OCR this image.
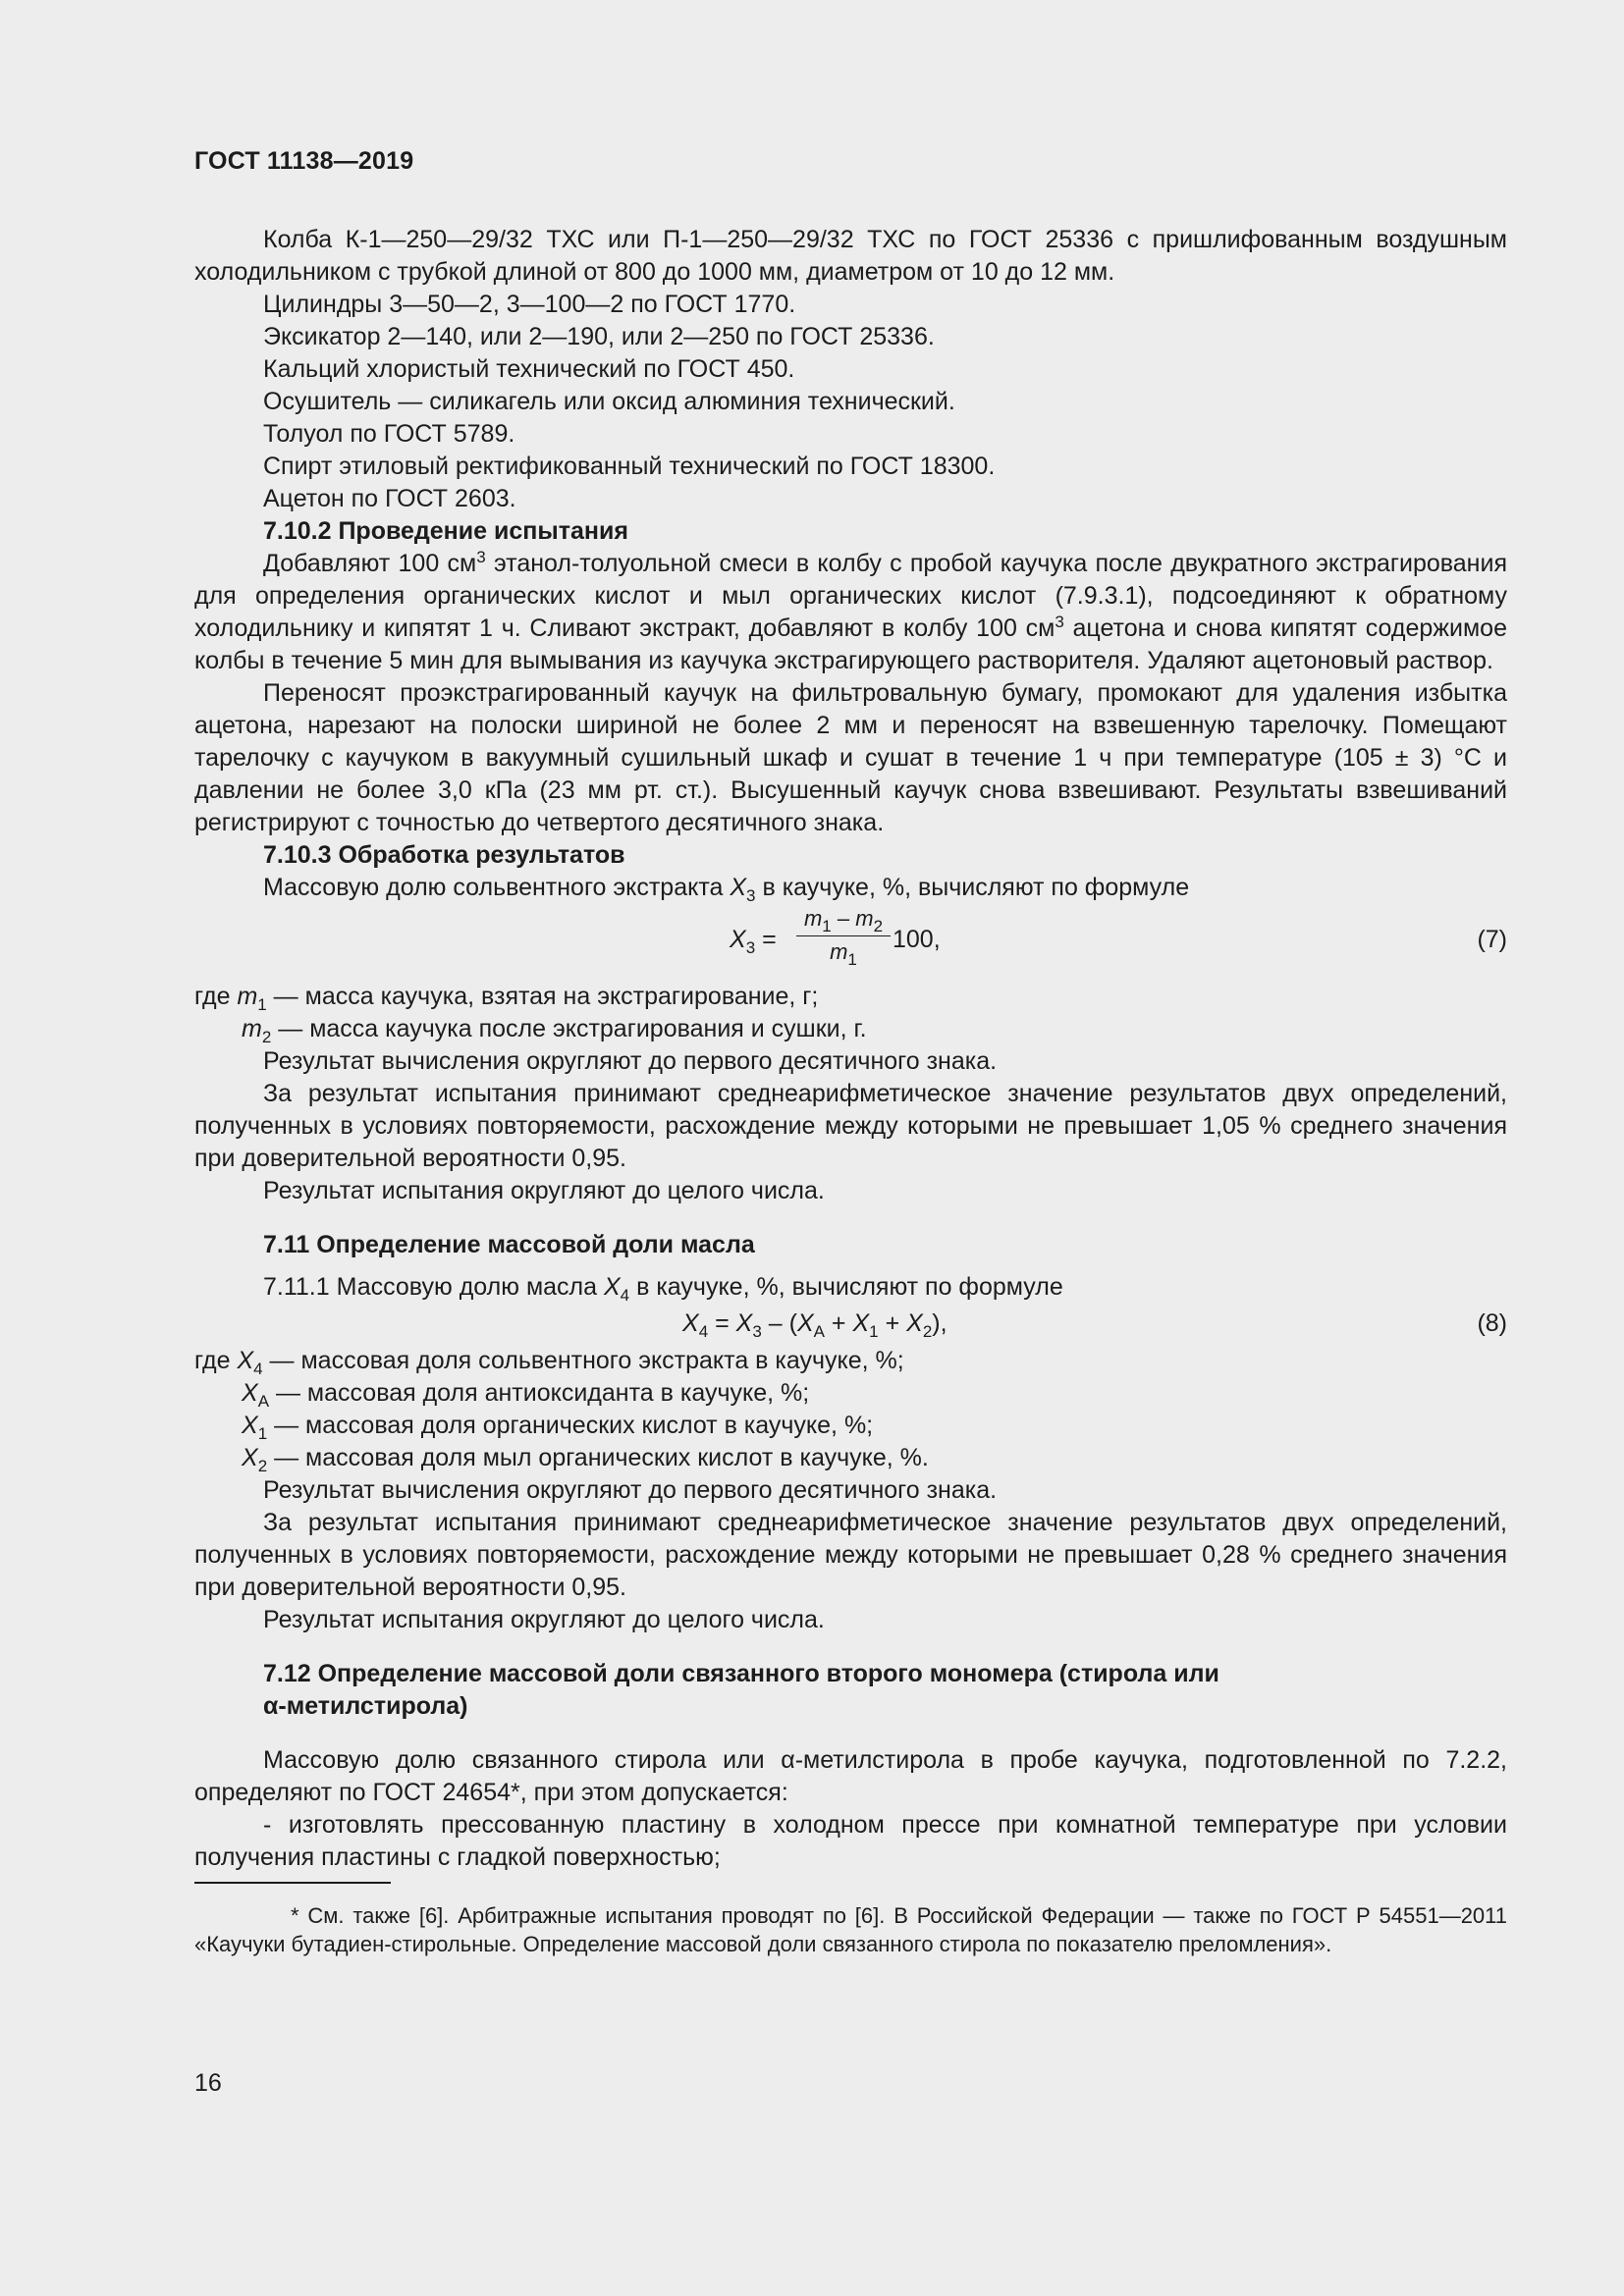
ГОСТ 11138—2019

Колба К-1—250—29/32 ТХС или П-1—250—29/32 ТХС по ГОСТ 25336 с пришлифованным воздушным холодильником с трубкой длиной от 800 до 1000 мм, диаметром от 10 до 12 мм.

Цилиндры 3—50—2, 3—100—2 по ГОСТ 1770.

Эксикатор 2—140, или 2—190, или 2—250 по ГОСТ 25336.

Кальций хлористый технический по ГОСТ 450.

Осушитель — силикагель или оксид алюминия технический.

Толуол по ГОСТ 5789.

Спирт этиловый ректификованный технический по ГОСТ 18300.

Ацетон по ГОСТ 2603.

7.10.2 Проведение испытания

Добавляют 100 $см^3$ этанол-толуольной смеси в колбу с пробой каучука после двукратного экстрагирования для определения органических кислот и мыл органических кислот (7.9.3.1), подсоединяют к обратному холодильнику и кипятят 1 ч. Сливают экстракт, добавляют в колбу 100 $см^3$ ацетона и снова кипятят содержимое колбы в течение 5 мин для вымывания из каучука экстрагирующего растворителя. Удаляют ацетоновый раствор.

Переносят проэкстрагированный каучук на фильтровальную бумагу, промокают для удаления избытка ацетона, нарезают на полоски шириной не более 2 мм и переносят на взвешенную тарелочку. Помещают тарелочку с каучуком в вакуумный сушильный шкаф и сушат в течение 1 ч при температуре (105 ± 3) °С и давлении не более 3,0 кПа (23 мм рт. ст.). Высушенный каучук снова взвешивают. Результаты взвешиваний регистрируют с точностью до четвертого десятичного знака.

7.10.3 Обработка результатов

Массовую долю сольвентного экстракта $X_3$ в каучуке, %, вычисляют по формуле

$X_3$ =
$m_1 - m_2$
$m_1$
100,	(7)

где $m_1$ — масса каучука, взятая на экстрагирование, г;

$m_2$ — масса каучука после экстрагирования и сушки, г.

Результат вычисления округляют до первого десятичного знака.

За результат испытания принимают среднеарифметическое значение результатов двух определений, полученных в условиях повторяемости, расхождение между которыми не превышает 1,05 % среднего значения при доверительной вероятности 0,95.

Результат испытания округляют до целого числа.

7.11 Определение массовой доли масла

7.11.1 Массовую долю масла $X_4$ в каучуке, %, вычисляют по формуле

$X_4 = X_3 - (X_А + X_1 + X_2)$,	(8)

где $X_4$ — массовая доля сольвентного экстракта в каучуке, %;

$X_А$ — массовая доля антиоксиданта в каучуке, %;

$X_1$ — массовая доля органических кислот в каучуке, %;

$X_2$ — массовая доля мыл органических кислот в каучуке, %.

Результат вычисления округляют до первого десятичного знака.

За результат испытания принимают среднеарифметическое значение результатов двух определений, полученных в условиях повторяемости, расхождение между которыми не превышает 0,28 % среднего значения при доверительной вероятности 0,95.

Результат испытания округляют до целого числа.

7.12 Определение массовой доли связанного второго мономера (стирола или
α-метилстирола)

Массовую долю связанного стирола или α-метилстирола в пробе каучука, подготовленной по 7.2.2, определяют по ГОСТ 24654*, при этом допускается:

- изготовлять прессованную пластину в холодном прессе при комнатной температуре при условии получения пластины с гладкой поверхностью;

* См. также [6]. Арбитражные испытания проводят по [6]. В Российской Федерации — также по ГОСТ Р 54551—2011 «Каучуки бутадиен-стирольные. Определение массовой доли связанного стирола по показателю преломления».

16
